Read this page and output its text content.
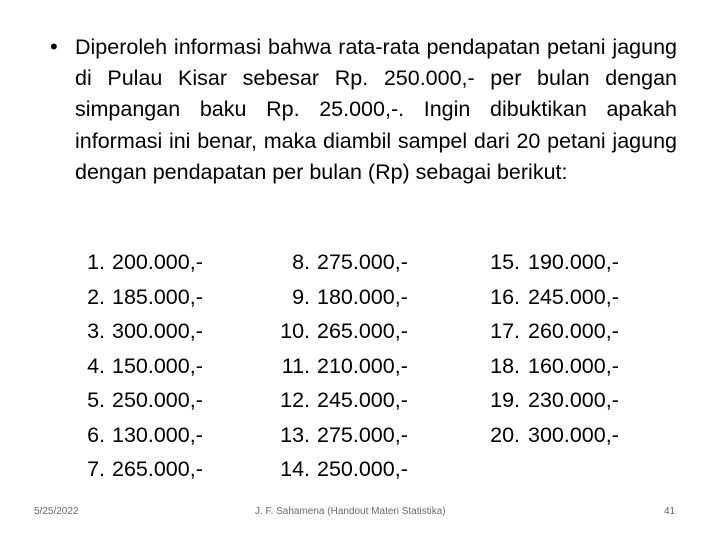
• Diperoleh informasi bahwa rata-rata pendapatan petani jagung di Pulau Kisar sebesar Rp. 250.000,- per bulan dengan simpangan baku Rp. 25.000,-. Ingin dibuktikan apakah informasi ini benar, maka diambil sampel dari 20 petani jagung dengan pendapatan per bulan (Rp) sebagai berikut:

1. 200.000,-
2. 185.000,-
3. 300.000,-
4. 150.000,-
5. 250.000,-
6. 130.000,-
7. 265.000,-
8. 275.000,-
9. 180.000,-
10. 265.000,-
11. 210.000,-
12. 245.000,-
13. 275.000,-
14. 250.000,-
15. 190.000,-
16. 245.000,-
17. 260.000,-
18. 160.000,-
19. 230.000,-
20. 300.000,-
5/25/2022	J. F. Sahamena (Handout Materi Statistika)	41
